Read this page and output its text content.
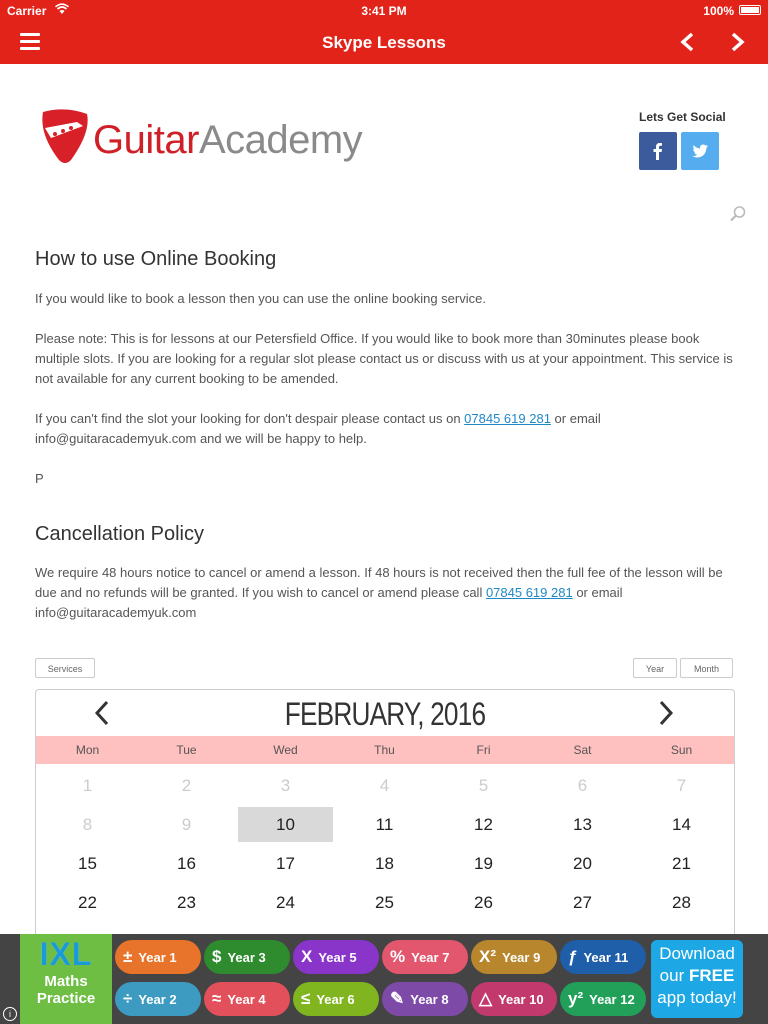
Carrier	3:41 PM	100%
Skype Lessons
GuitarAcademy
Lets Get Social
How to use Online Booking

If you would like to book a lesson then you can use the online booking service.

Please note: This is for lessons at our Petersfield Office. If you would like to book more than 30minutes please book multiple slots. If you are looking for a regular slot please contact us or discuss with us at your appointment. This service is not available for any current booking to be amended.

If you can't find the slot your looking for don't despair please contact us on 07845 619 281 or email info@guitaracademyuk.com and we will be happy to help.

P

Cancellation Policy

We require 48 hours notice to cancel or amend a lesson. If 48 hours is not received then the full fee of the lesson will be due and no refunds will be granted. If you wish to cancel or amend please call 07845 619 281 or email info@guitaracademyuk.com

Services	Year	Month
FEBRUARY, 2016
Mon	Tue	Wed	Thu	Fri	Sat	Sun
1	2	3	4	5	6	7
8	9	10	11	12	13	14
15	16	17	18	19	20	21
22	23	24	25	26	27	28
IXL
Maths
Practice
± Year 1	$ Year 3	X Year 5	% Year 7	X² Year 9	ƒ Year 11
÷ Year 2	≈ Year 4	≤ Year 6	✎ Year 8	△ Year 10	y² Year 12
Download
our FREE
app today!
i
